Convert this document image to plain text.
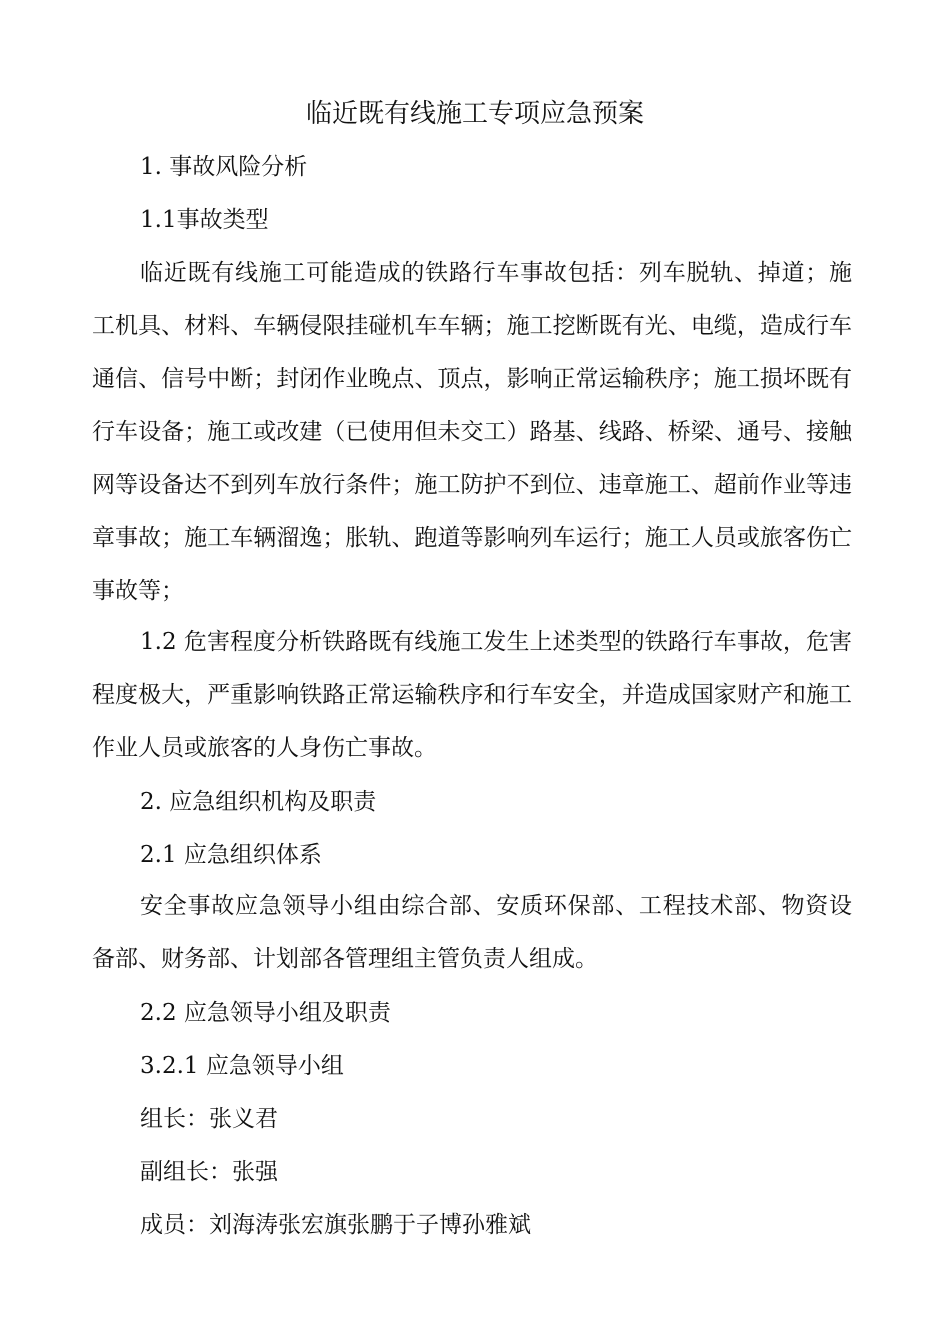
临近既有线施工专项应急预案
1. 事故风险分析
1.1事故类型

临近既有线施工可能造成的铁路行车事故包括：列车脱轨、掉道；施工机具、材料、车辆侵限挂碰机车车辆；施工挖断既有光、电缆，造成行车通信、信号中断；封闭作业晚点、顶点，影响正常运输秩序；施工损坏既有行车设备；施工或改建（已使用但未交工）路基、线路、桥梁、通号、接触网等设备达不到列车放行条件；施工防护不到位、违章施工、超前作业等违章事故；施工车辆溜逸；胀轨、跑道等影响列车运行；施工人员或旅客伤亡事故等；

1.2 危害程度分析铁路既有线施工发生上述类型的铁路行车事故，危害程度极大，严重影响铁路正常运输秩序和行车安全，并造成国家财产和施工作业人员或旅客的人身伤亡事故。

2. 应急组织机构及职责
2.1 应急组织体系

安全事故应急领导小组由综合部、安质环保部、工程技术部、物资设备部、财务部、计划部各管理组主管负责人组成。

2.2 应急领导小组及职责
3.2.1 应急领导小组
组长：张义君
副组长：张强
成员：刘海涛张宏旗张鹏于子博孙雅斌
